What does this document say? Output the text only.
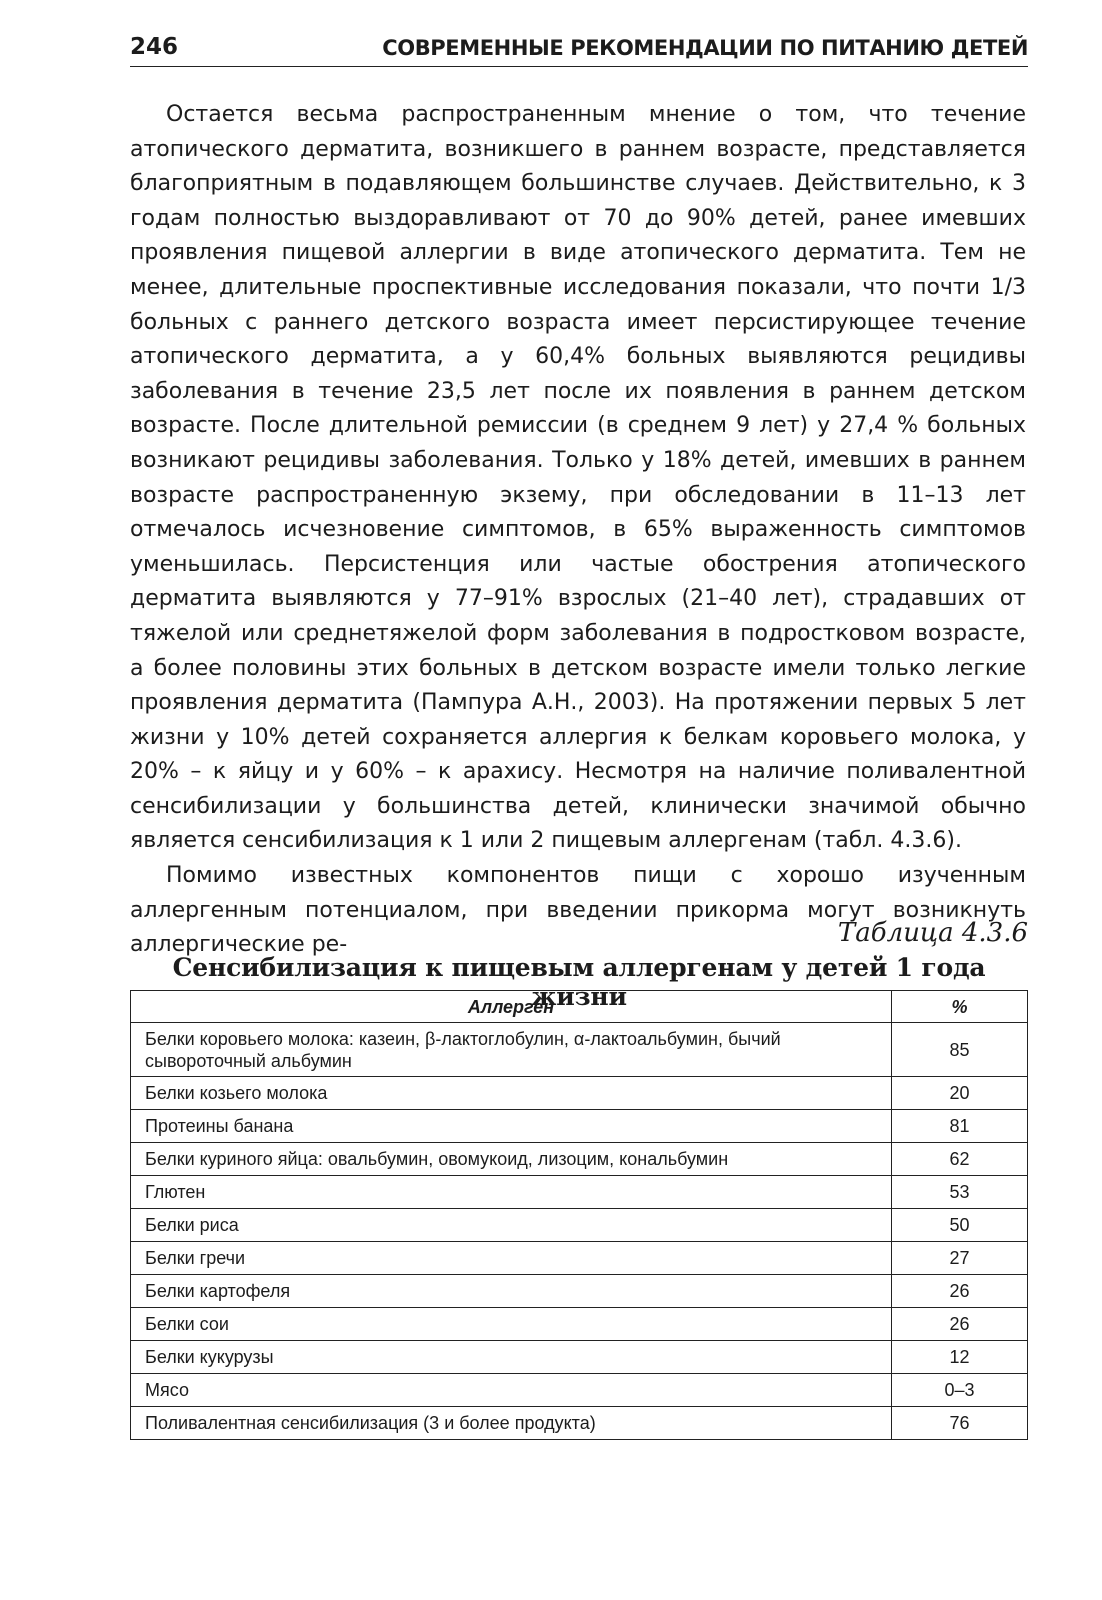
246	СОВРЕМЕННЫЕ РЕКОМЕНДАЦИИ ПО ПИТАНИЮ ДЕТЕЙ

Остается весьма распространенным мнение о том, что течение атопического дерматита, возникшего в раннем возрасте, представляется благоприятным в подавляющем большинстве случаев. Действительно, к 3 годам полностью выздоравливают от 70 до 90% детей, ранее имевших проявления пищевой аллергии в виде атопического дерматита. Тем не менее, длительные проспективные исследования показали, что почти 1/3 больных с раннего детского возраста имеет персистирующее течение атопического дерматита, а у 60,4% больных выявляются рецидивы заболевания в течение 23,5 лет после их появления в раннем детском возрасте. После длительной ремиссии (в среднем 9 лет) у 27,4 % больных возникают рецидивы заболевания. Только у 18% детей, имевших в раннем возрасте распространенную экзему, при обследовании в 11–13 лет отмечалось исчезновение симптомов, в 65% выраженность симптомов уменьшилась. Персистенция или частые обострения атопического дерматита выявляются у 77–91% взрослых (21–40 лет), страдавших от тяжелой или среднетяжелой форм заболевания в подростковом возрасте, а более половины этих больных в детском возрасте имели только легкие проявления дерматита (Пампура А.Н., 2003). На протяжении первых 5 лет жизни у 10% детей сохраняется аллергия к белкам коровьего молока, у 20% – к яйцу и у 60% – к арахису. Несмотря на наличие поливалентной сенсибилизации у большинства детей, клинически значимой обычно является сенсибилизация к 1 или 2 пищевым аллергенам (табл. 4.3.6).

Помимо известных компонентов пищи с хорошо изученным аллергенным потенциалом, при введении прикорма могут возникнуть аллергические ре-	Таблица 4.3.6
Сенсибилизация к пищевым аллергенам у детей 1 года жизни
Аллерген	%
Белки коровьего молока: казеин, β-лактоглобулин, α-лактоальбумин, бычий сывороточный альбумин	85
Белки козьего молока	20
Протеины банана	81
Белки куриного яйца: овальбумин, овомукоид, лизоцим, кональбумин	62
Глютен	53
Белки риса	50
Белки гречи	27
Белки картофеля	26
Белки сои	26
Белки кукурузы	12
Мясо	0–3
Поливалентная сенсибилизация (3 и более продукта)	76
